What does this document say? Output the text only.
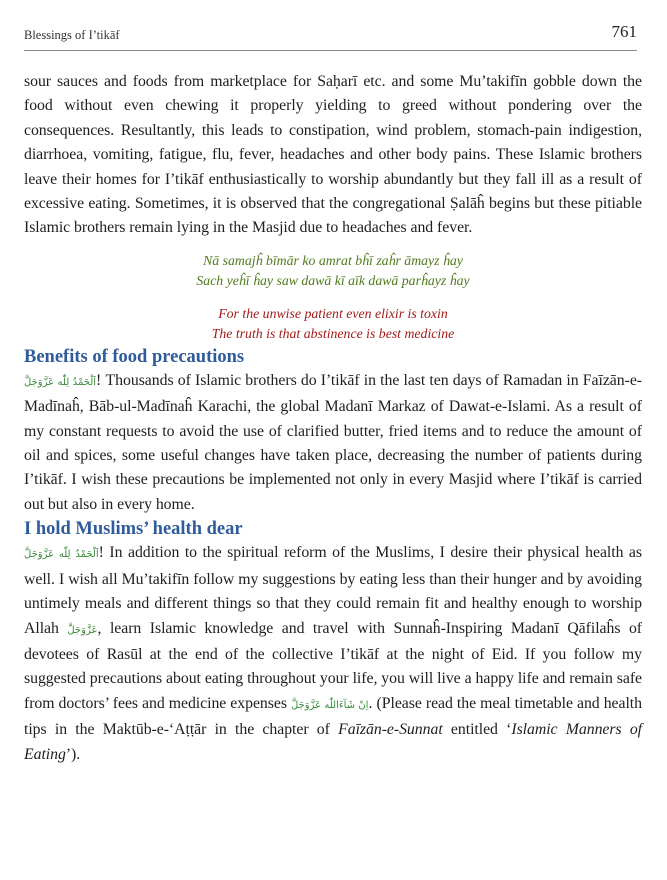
Blessings of I’tikāf	761

sour sauces and foods from marketplace for Saḥarī etc. and some Mu’takifīn gobble down the food without even chewing it properly yielding to greed without pondering over the consequences. Resultantly, this leads to constipation, wind problem, stomach-pain indigestion, diarrhoea, vomiting, fatigue, flu, fever, headaches and other body pains. These Islamic brothers leave their homes for I’tikāf enthusiastically to worship abundantly but they fall ill as a result of excessive eating. Sometimes, it is observed that the congregational Ṣalāĥ begins but these pitiable Islamic brothers remain lying in the Masjid due to headaches and fever.

Nā samajĥ bīmār ko amrat bĥī zaĥr āmayz ĥay
Sach yeĥī ĥay saw dawā kī aīk dawā parĥayz ĥay
For the unwise patient even elixir is toxin
The truth is that abstinence is best medicine
Benefits of food precautions

اَلْحَمْدُ لِلّٰه عَزَّوَجَلَّ! Thousands of Islamic brothers do I’tikāf in the last ten days of Ramadan in Faīzān-e-Madīnaĥ, Bāb-ul-Madīnaĥ Karachi, the global Madanī Markaz of Dawat-e-Islami. As a result of my constant requests to avoid the use of clarified butter, fried items and to reduce the amount of oil and spices, some useful changes have taken place, decreasing the number of patients during I’tikāf. I wish these precautions be implemented not only in every Masjid where I’tikāf is carried out but also in every home.

I hold Muslims’ health dear

اَلْحَمْدُ لِلّٰه عَزَّوَجَلَّ! In addition to the spiritual reform of the Muslims, I desire their physical health as well. I wish all Mu’takifīn follow my suggestions by eating less than their hunger and by avoiding untimely meals and different things so that they could remain fit and healthy enough to worship Allah عَزَّوَجَلَّ, learn Islamic knowledge and travel with Sunnaĥ-Inspiring Madanī Qāfilaĥs of devotees of Rasūl at the end of the collective I’tikāf at the night of Eid. If you follow my suggested precautions about eating throughout your life, you will live a happy life and remain safe from doctors’ fees and medicine expenses اِنْ شَآءَاللّٰه عَزَّوَجَلَّ. (Please read the meal timetable and health tips in the Maktūb-e-‘Aṭṭār in the chapter of Faīzān-e-Sunnat entitled ‘Islamic Manners of Eating’).
